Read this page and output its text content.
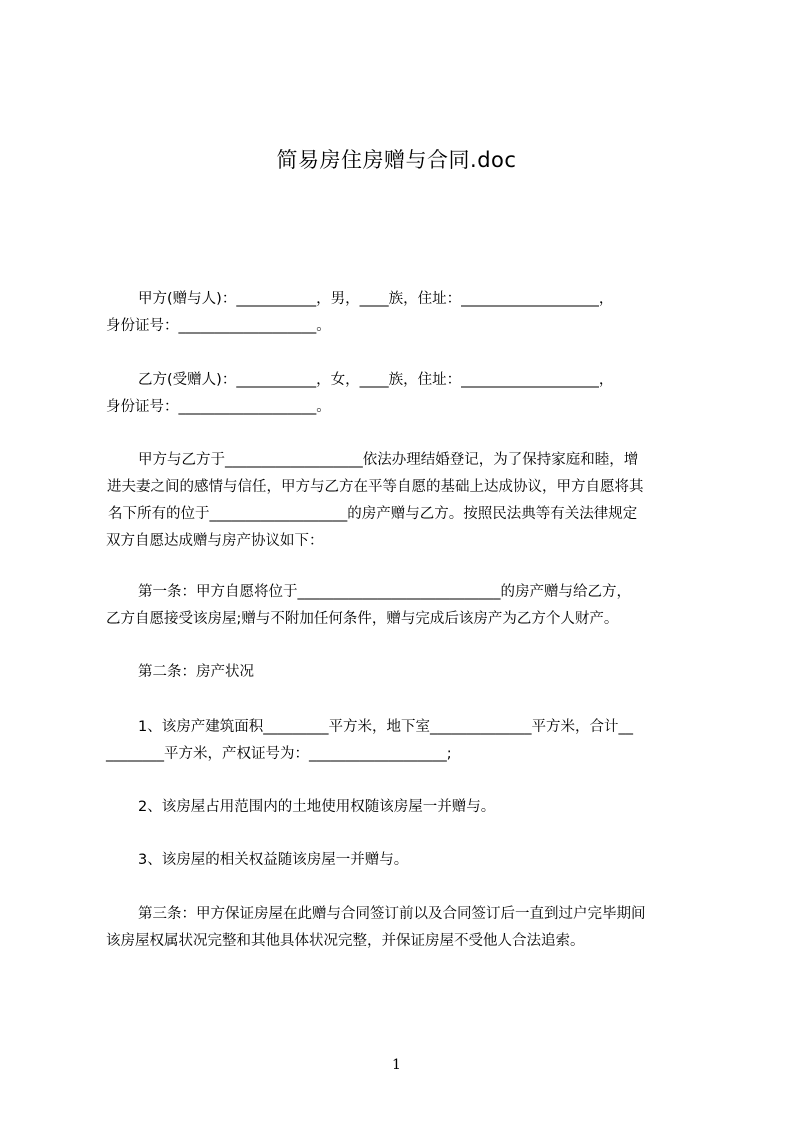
简易房住房赠与合同.doc
甲方(赠与人)：___________，男，____族，住址：___________________，
身份证号：___________________。
乙方(受赠人)：___________，女，____族，住址：___________________，
身份证号：___________________。
甲方与乙方于___________________依法办理结婚登记，为了保持家庭和睦，增
进夫妻之间的感情与信任，甲方与乙方在平等自愿的基础上达成协议，甲方自愿将其
名下所有的位于___________________的房产赠与乙方。按照民法典等有关法律规定
双方自愿达成赠与房产协议如下：
第一条：甲方自愿将位于____________________________的房产赠与给乙方，
乙方自愿接受该房屋;赠与不附加任何条件，赠与完成后该房产为乙方个人财产。
第二条：房产状况
1、该房产建筑面积_________平方米，地下室______________平方米，合计__
________平方米，产权证号为：___________________;
2、该房屋占用范围内的土地使用权随该房屋一并赠与。
3、该房屋的相关权益随该房屋一并赠与。
第三条：甲方保证房屋在此赠与合同签订前以及合同签订后一直到过户完毕期间
该房屋权属状况完整和其他具体状况完整，并保证房屋不受他人合法追索。
1
